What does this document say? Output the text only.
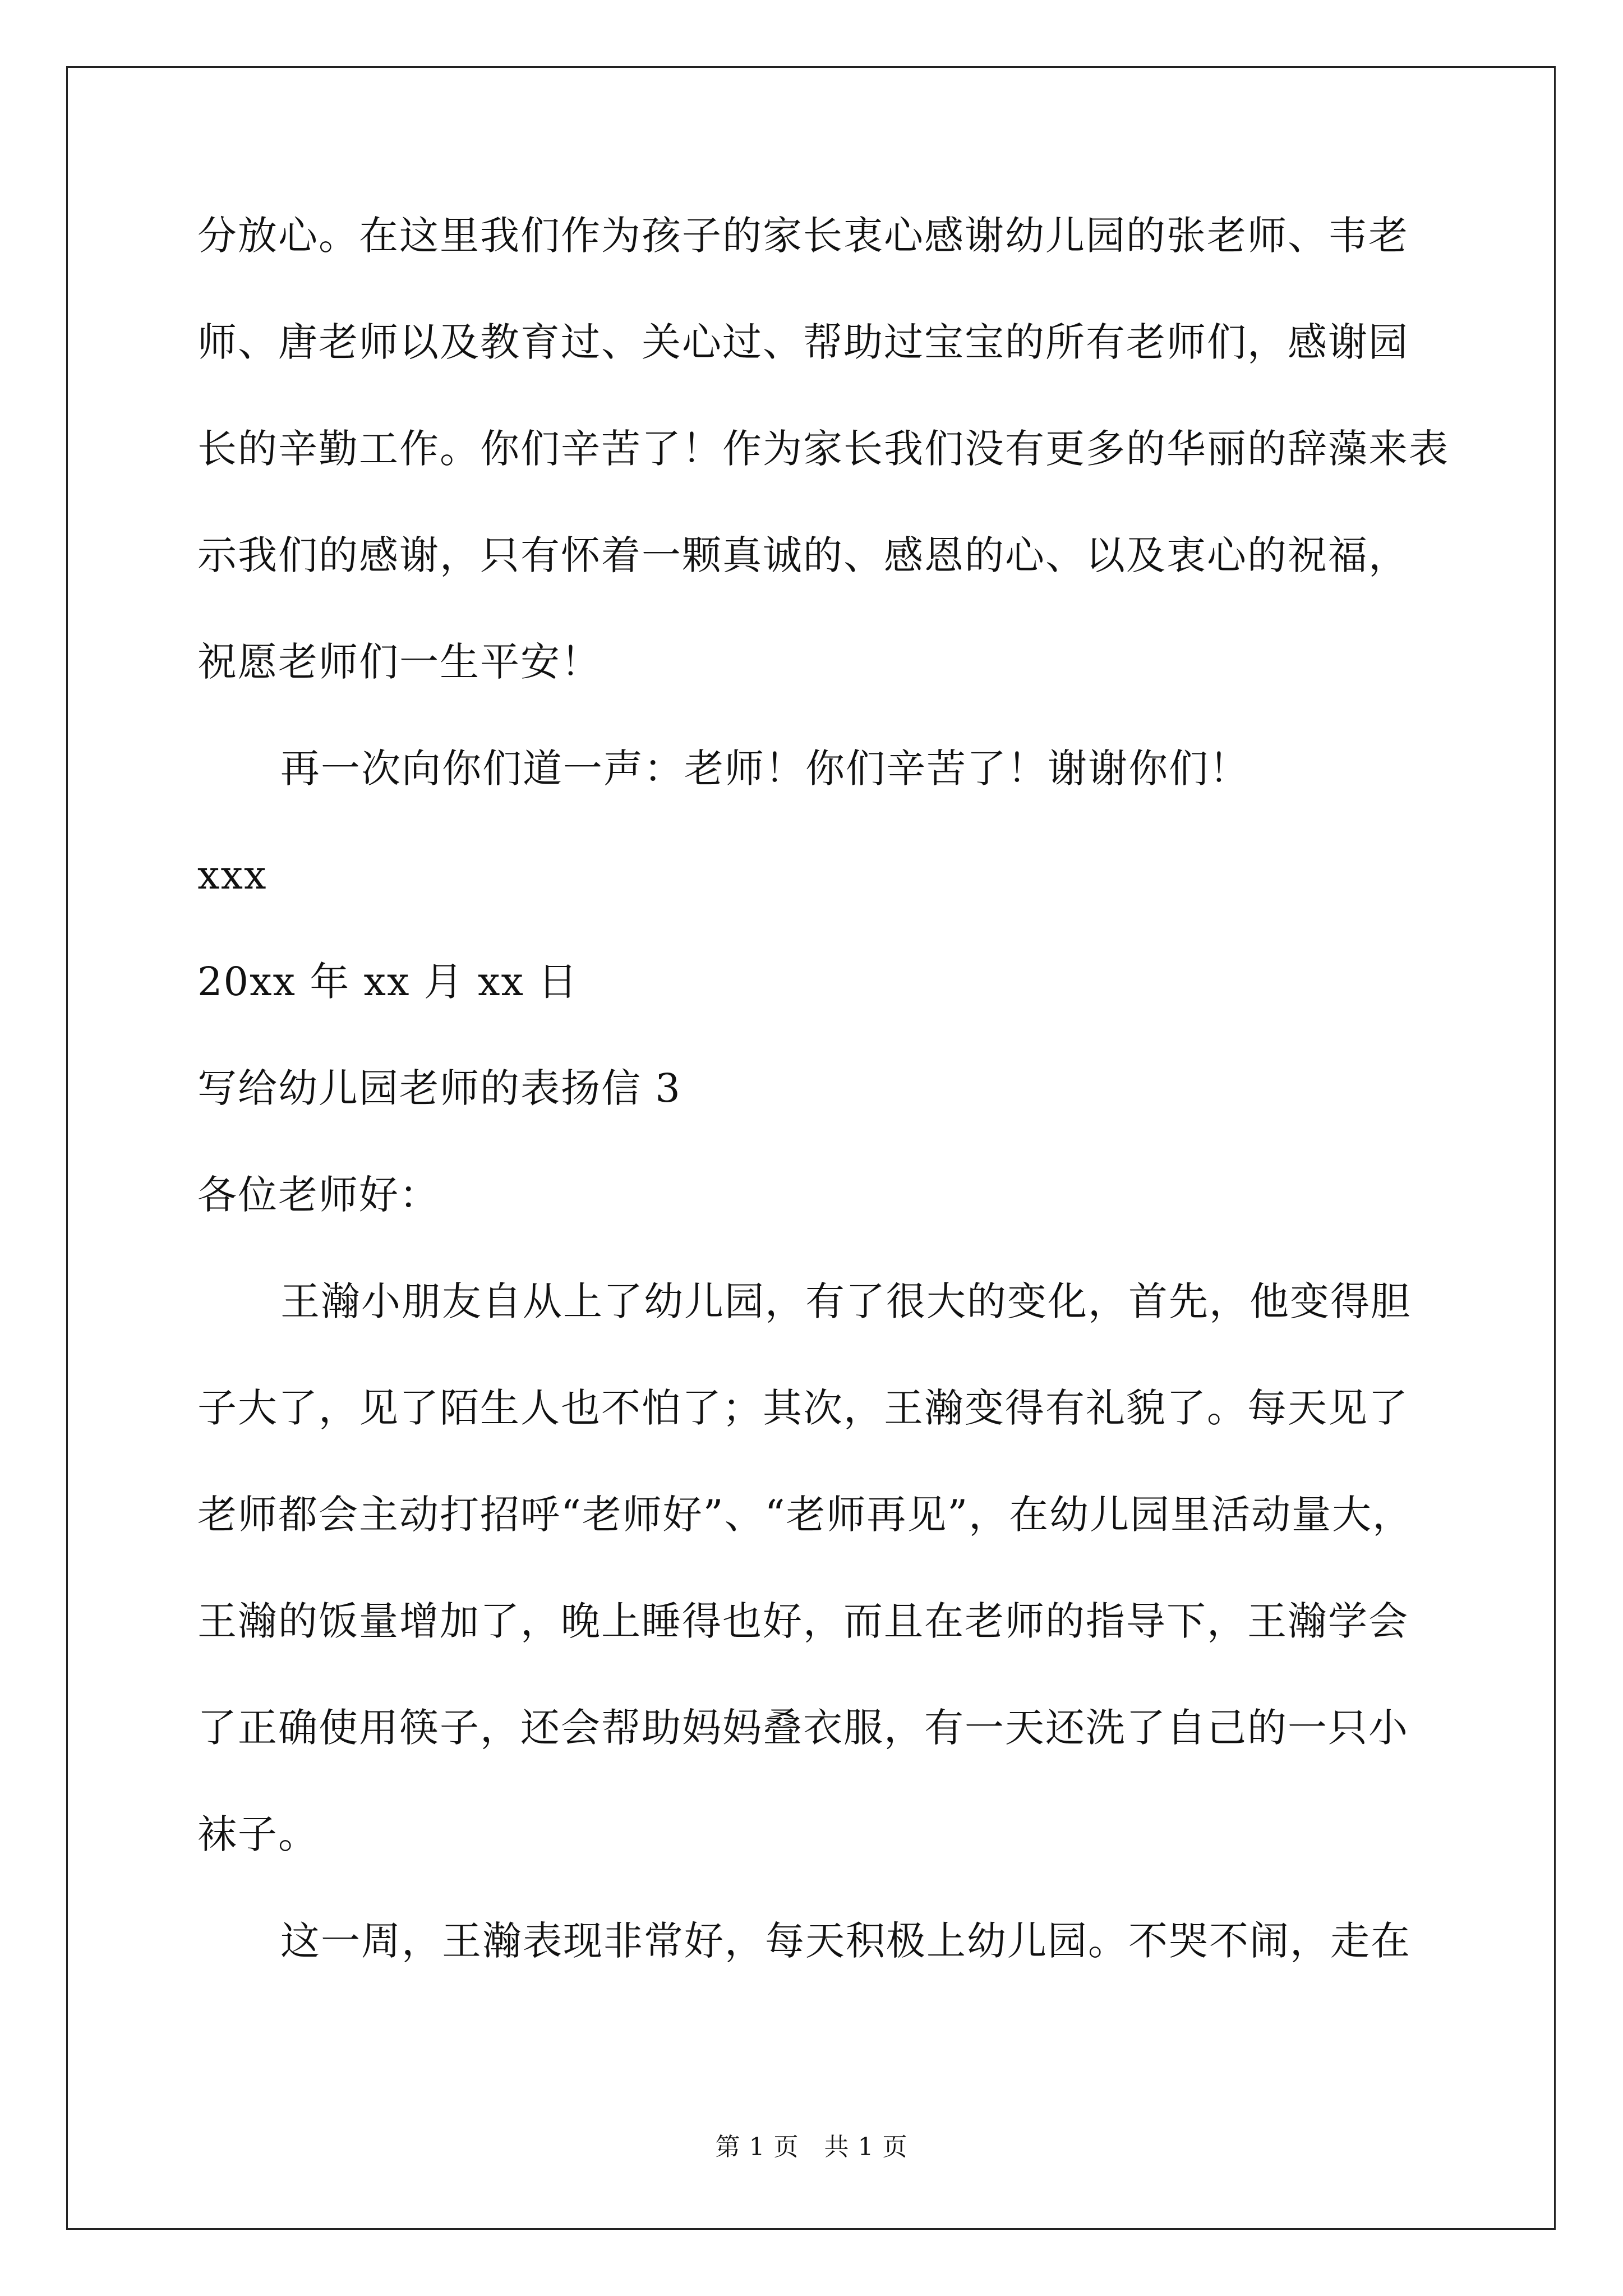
分放心。在这里我们作为孩子的家长衷心感谢幼儿园的张老师、韦老
师、唐老师以及教育过、关心过、帮助过宝宝的所有老师们，感谢园
长的辛勤工作。你们辛苦了！作为家长我们没有更多的华丽的辞藻来表
示我们的感谢，只有怀着一颗真诚的、感恩的心、以及衷心的祝福，
祝愿老师们一生平安！
再一次向你们道一声：老师！你们辛苦了！谢谢你们！
xxx
20xx 年 xx 月 xx 日
写给幼儿园老师的表扬信 3
各位老师好：
王瀚小朋友自从上了幼儿园，有了很大的变化，首先，他变得胆
子大了，见了陌生人也不怕了；其次，王瀚变得有礼貌了。每天见了
老师都会主动打招呼“老师好”、“老师再见”，在幼儿园里活动量大，
王瀚的饭量增加了，晚上睡得也好，而且在老师的指导下，王瀚学会
了正确使用筷子，还会帮助妈妈叠衣服，有一天还洗了自己的一只小
袜子。
这一周，王瀚表现非常好，每天积极上幼儿园。不哭不闹，走在
第 1 页　共 1 页
